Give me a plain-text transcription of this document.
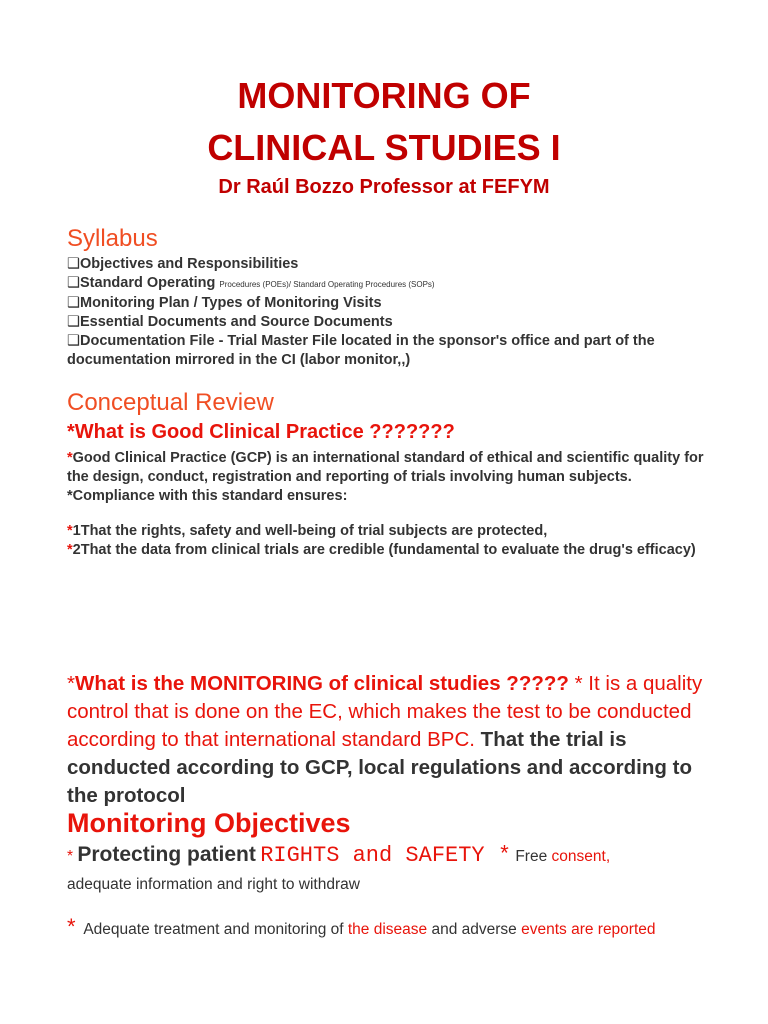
MONITORING OF
CLINICAL STUDIES I
Dr Raúl Bozzo Professor at FEFYM
Syllabus
❑Objectives and Responsibilities
❑Standard Operating Procedures (POEs)/ Standard Operating Procedures (SOPs)
❑Monitoring Plan / Types of Monitoring Visits
❑Essential Documents and Source Documents
❑Documentation File - Trial Master File located in the sponsor's office and part of the documentation mirrored in the CI (labor monitor,,)
Conceptual Review
*What is Good Clinical Practice ???????
*Good Clinical Practice (GCP) is an international standard of ethical and scientific quality for the design, conduct, registration and reporting of trials involving human subjects.
*Compliance with this standard ensures:
*1That the rights, safety and well-being of trial subjects are protected,
*2That the data from clinical trials are credible (fundamental to evaluate the drug's efficacy)
*What is the MONITORING of clinical studies ????? * It is a quality control that is done on the EC, which makes the test to be conducted according to that international standard BPC. That the trial is conducted according to GCP, local regulations and according to the protocol
Monitoring Objectives
* Protecting patient RIGHTS and SAFETY * Free consent,
adequate information and right to withdraw
* Adequate treatment and monitoring of the disease and adverse events are reported
